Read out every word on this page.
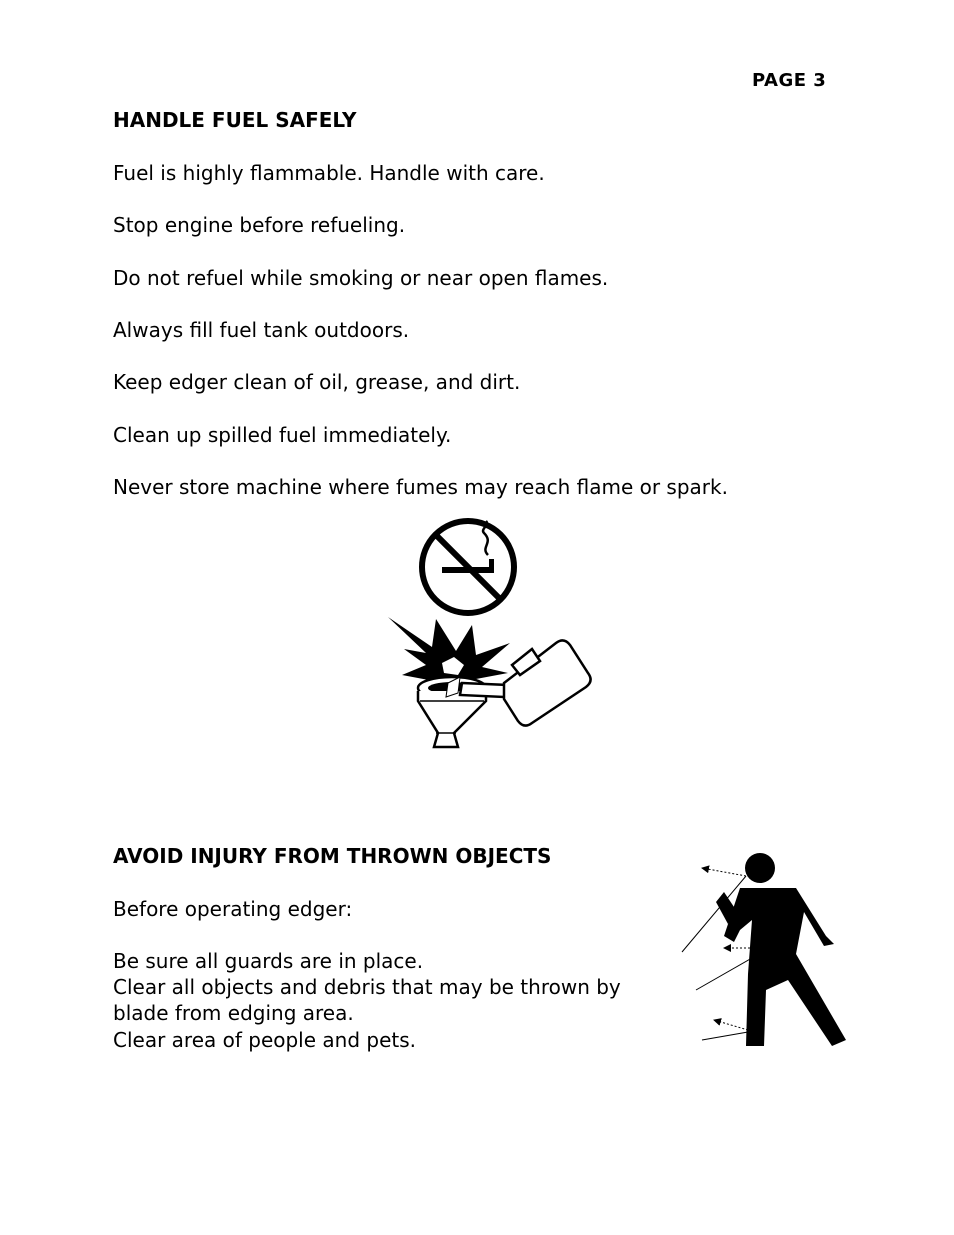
PAGE 3
HANDLE FUEL SAFELY
Fuel is highly flammable. Handle with care.
Stop engine before refueling.
Do not refuel while smoking or near open flames.
Always fill fuel tank outdoors.
Keep edger clean of oil, grease, and dirt.
Clean up spilled fuel immediately.
Never store machine where fumes may reach flame or spark.
AVOID INJURY FROM THROWN OBJECTS
Before operating edger:
Be sure all guards are in place.
Clear all objects and debris that may be thrown by
blade from edging area.
Clear area of people and pets.
